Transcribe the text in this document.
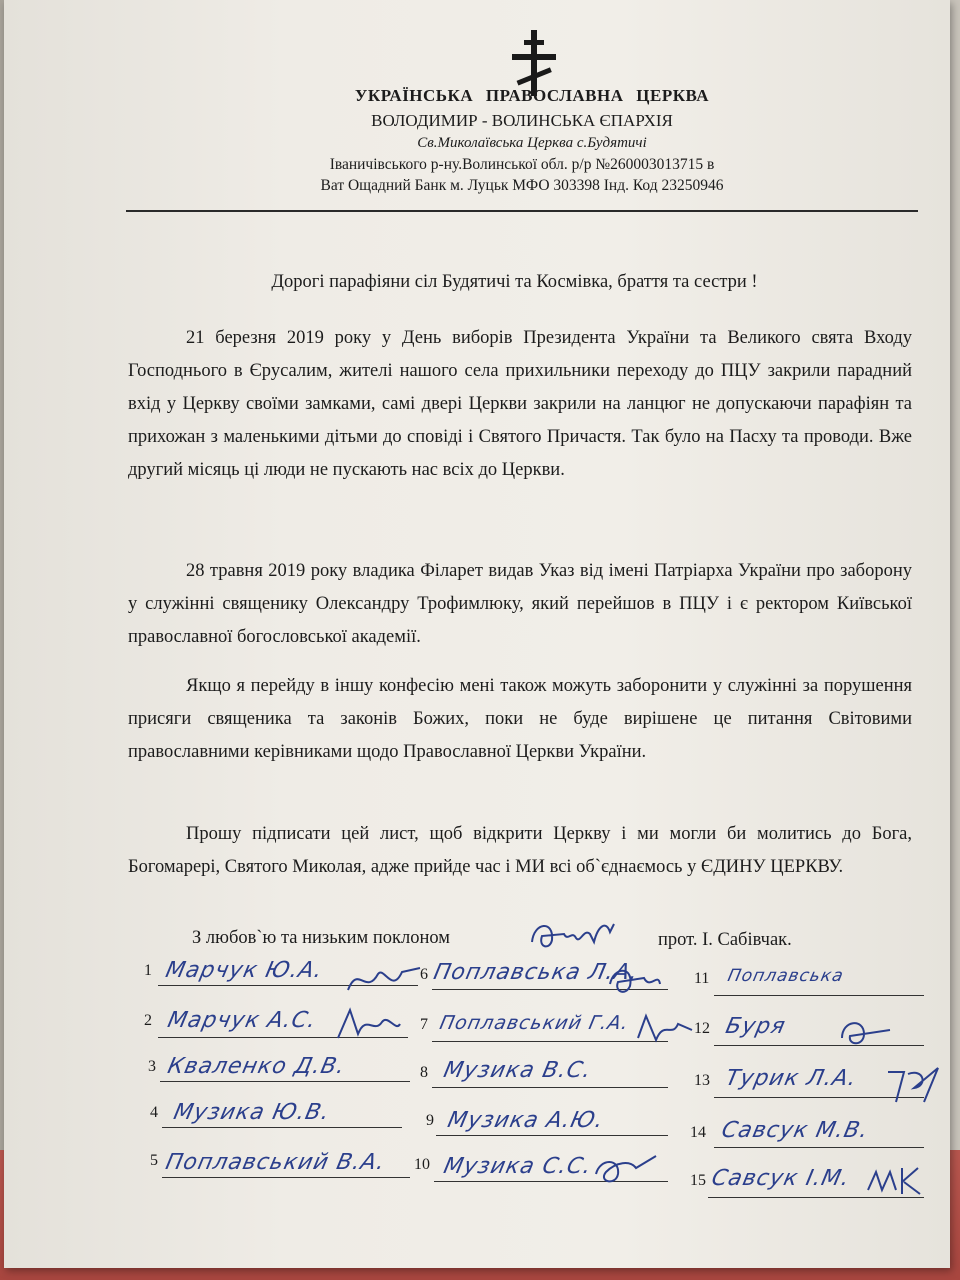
УКРАЇНСЬКА ПРАВОСЛАВНА ЦЕРКВА
ВОЛОДИМИР - ВОЛИНСЬКА ЄПАРХІЯ
Св.Миколаївська Церква с.Будятичі
Іваничівського р-ну.Волинської обл. р/р №260003013715 в
Ват Ощадний Банк м. Луцьк МФО 303398 Інд. Код 23250946
Дорогі парафіяни сіл Будятичі та Космівка, браття та сестри !
21 березня 2019 року у День виборів Президента України та Великого свята Входу Господнього в Єрусалим, жителі нашого села прихильники переходу до ПЦУ закрили парадний вхід у Церкву своїми замками, самі двері Церкви закрили на ланцюг не допускаючи парафіян та прихожан з маленькими дітьми до сповіді і Святого Причастя. Так було на Пасху та проводи. Вже другий місяць ці люди не пускають нас всіх до Церкви.
28 травня 2019 року владика Філарет видав Указ від імені Патріарха України про заборону у служінні священику Олександру Трофимлюку, який перейшов в ПЦУ і є ректором Київської православної богословської академії.
Якщо я перейду в іншу конфесію мені також можуть заборонити у служінні за порушення присяги священика та законів Божих, поки не буде вирішене це питання Світовими православними керівниками щодо Православної Церкви України.
Прошу підписати цей лист, щоб відкрити Церкву і ми могли би молитись до Бога, Богомарері, Святого Миколая, адже прийде час і МИ всі об`єднаємось у ЄДИНУ ЦЕРКВУ.
З любов`ю та низьким поклоном	прот. І. Сабівчак.
1 Марчук Ю.А.
2 Марчук А.С.
3 Кваленко Д.В.
4 Музика Ю.В.
5 Поплавський В.А.
6 Поплавська Л.А.
7 Поплавський Г.А.
8 Музика В.С.
9 Музика А.Ю.
10 Музика С.С.
11 Поплавська
12 Буря
13 Турик Л.А.
14 Савсук М.В.
15 Савсук І.М.
